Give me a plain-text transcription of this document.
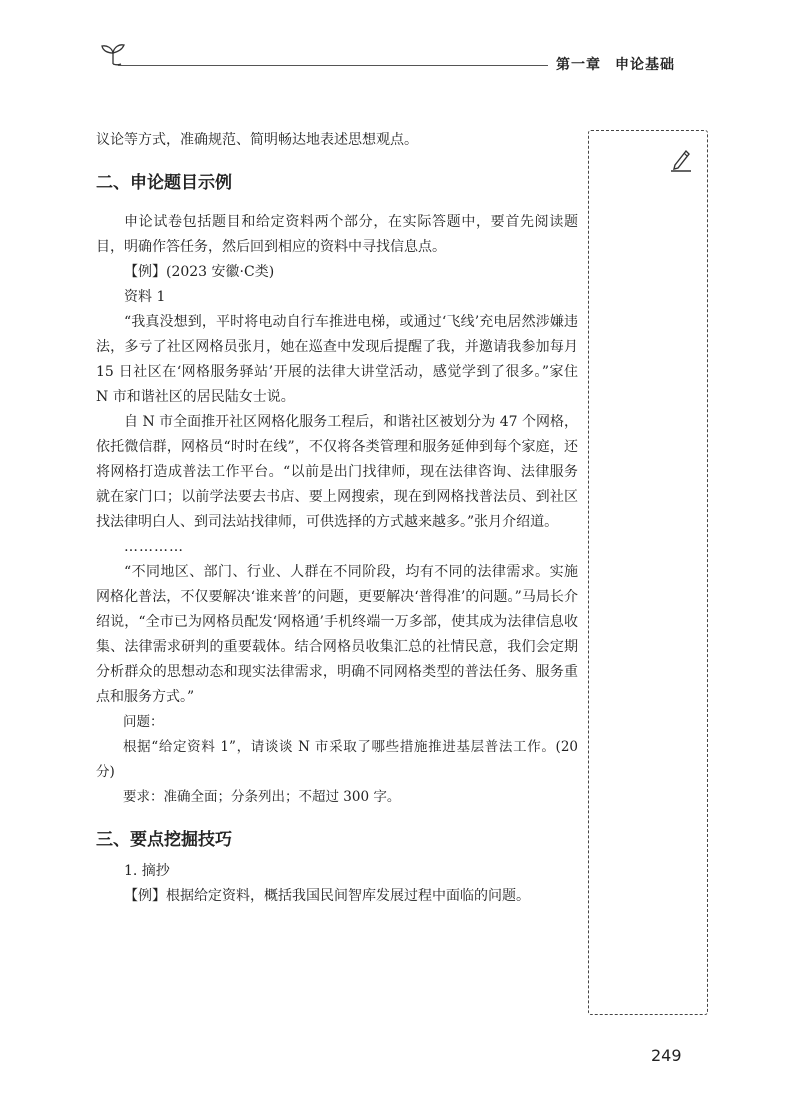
第一章 申论基础

议论等方式，准确规范、简明畅达地表述思想观点。

二、申论题目示例

申论试卷包括题目和给定资料两个部分，在实际答题中，要首先阅读题目，明确作答任务，然后回到相应的资料中寻找信息点。

【例】(2023 安徽·C类)

资料 1

“我真没想到，平时将电动自行车推进电梯，或通过‘飞线’充电居然涉嫌违法，多亏了社区网格员张月，她在巡查中发现后提醒了我，并邀请我参加每月 15 日社区在‘网格服务驿站’开展的法律大讲堂活动，感觉学到了很多。”家住 N 市和谐社区的居民陆女士说。

自 N 市全面推开社区网格化服务工程后，和谐社区被划分为 47 个网格，依托微信群，网格员“时时在线”，不仅将各类管理和服务延伸到每个家庭，还将网格打造成普法工作平台。“以前是出门找律师，现在法律咨询、法律服务就在家门口；以前学法要去书店、要上网搜索，现在到网格找普法员、到社区找法律明白人、到司法站找律师，可供选择的方式越来越多。”张月介绍道。

…………

“不同地区、部门、行业、人群在不同阶段，均有不同的法律需求。实施网格化普法，不仅要解决‘谁来普’的问题，更要解决‘普得准’的问题。”马局长介绍说，“全市已为网格员配发‘网格通’手机终端一万多部，使其成为法律信息收集、法律需求研判的重要载体。结合网格员收集汇总的社情民意，我们会定期分析群众的思想动态和现实法律需求，明确不同网格类型的普法任务、服务重点和服务方式。”

问题：

根据“给定资料 1”，请谈谈 N 市采取了哪些措施推进基层普法工作。(20 分)

要求：准确全面；分条列出；不超过 300 字。

三、要点挖掘技巧

1. 摘抄

【例】根据给定资料，概括我国民间智库发展过程中面临的问题。

249
